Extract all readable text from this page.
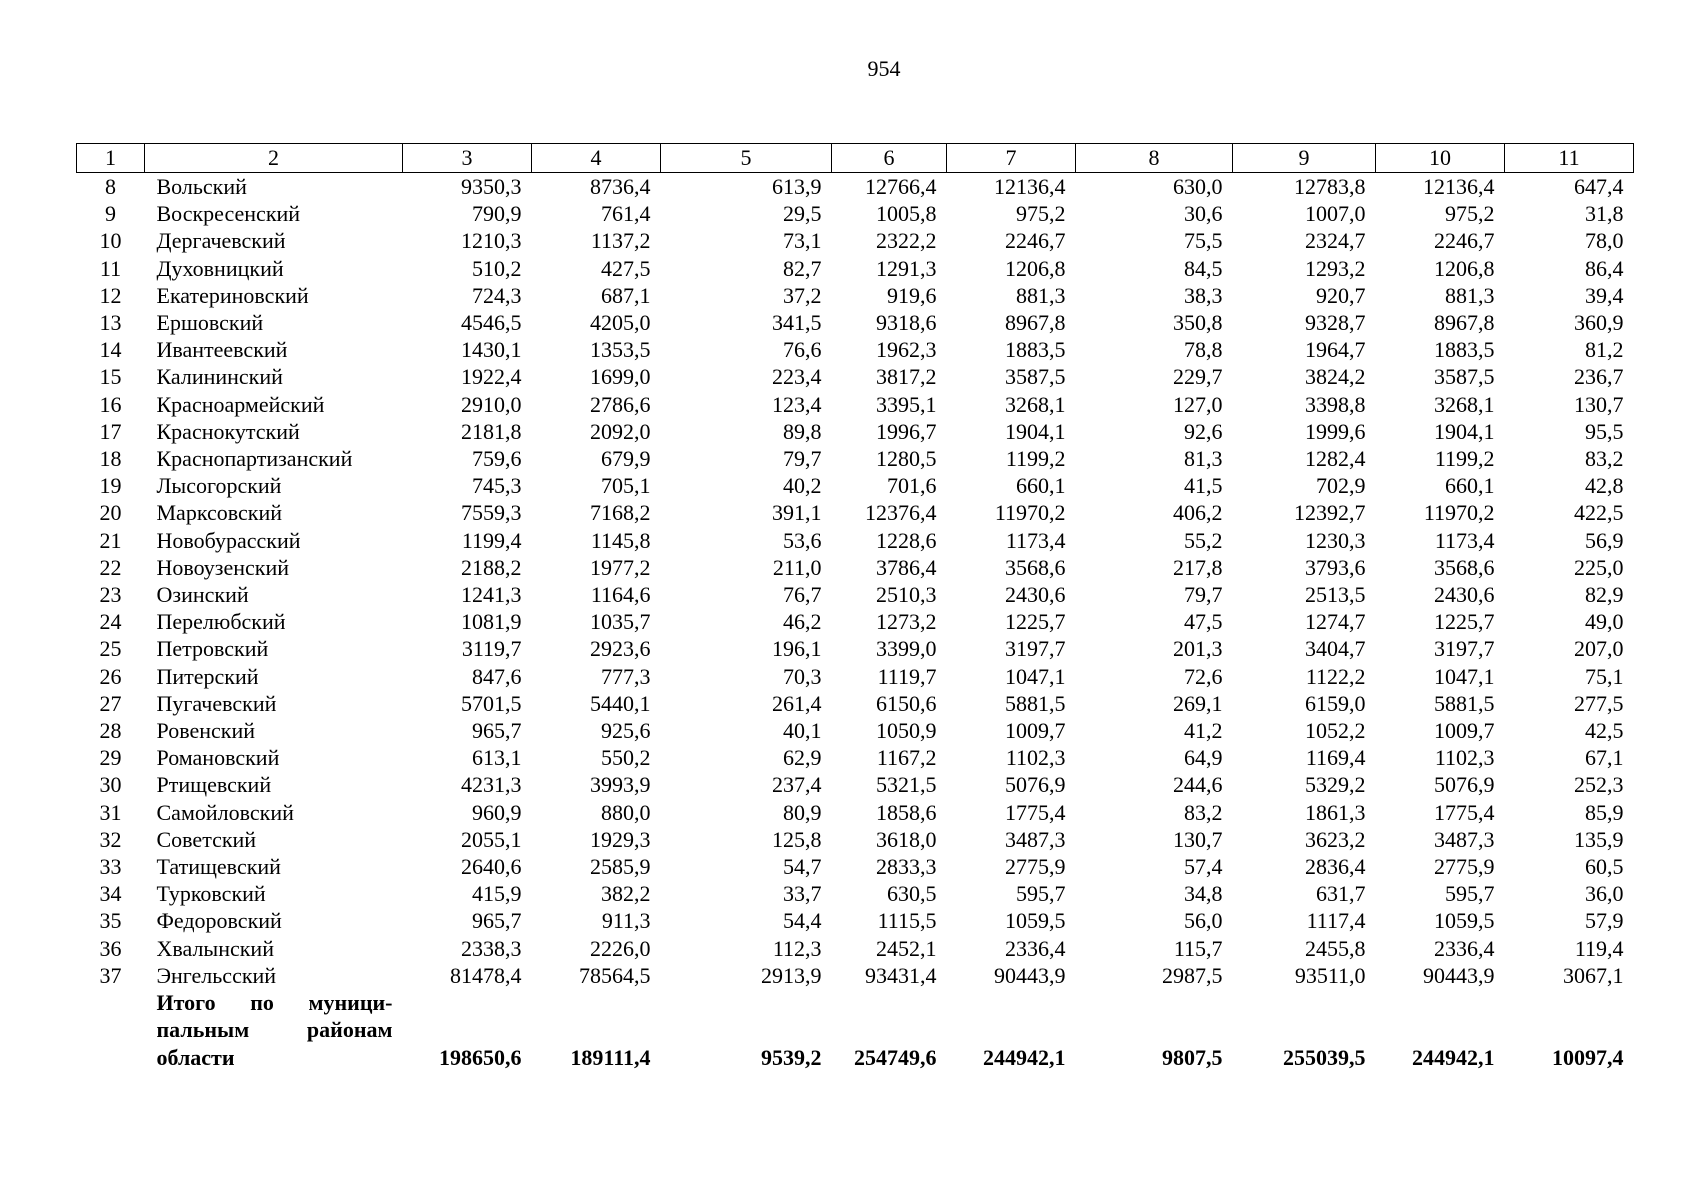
954
1	2	3	4	5	6	7	8	9	10	11
8	Вольский	9350,3	8736,4	613,9	12766,4	12136,4	630,0	12783,8	12136,4	647,4
9	Воскресенский	790,9	761,4	29,5	1005,8	975,2	30,6	1007,0	975,2	31,8
10	Дергачевский	1210,3	1137,2	73,1	2322,2	2246,7	75,5	2324,7	2246,7	78,0
11	Духовницкий	510,2	427,5	82,7	1291,3	1206,8	84,5	1293,2	1206,8	86,4
12	Екатериновский	724,3	687,1	37,2	919,6	881,3	38,3	920,7	881,3	39,4
13	Ершовский	4546,5	4205,0	341,5	9318,6	8967,8	350,8	9328,7	8967,8	360,9
14	Ивантеевский	1430,1	1353,5	76,6	1962,3	1883,5	78,8	1964,7	1883,5	81,2
15	Калининский	1922,4	1699,0	223,4	3817,2	3587,5	229,7	3824,2	3587,5	236,7
16	Красноармейский	2910,0	2786,6	123,4	3395,1	3268,1	127,0	3398,8	3268,1	130,7
17	Краснокутский	2181,8	2092,0	89,8	1996,7	1904,1	92,6	1999,6	1904,1	95,5
18	Краснопартизанский	759,6	679,9	79,7	1280,5	1199,2	81,3	1282,4	1199,2	83,2
19	Лысогорский	745,3	705,1	40,2	701,6	660,1	41,5	702,9	660,1	42,8
20	Марксовский	7559,3	7168,2	391,1	12376,4	11970,2	406,2	12392,7	11970,2	422,5
21	Новобурасский	1199,4	1145,8	53,6	1228,6	1173,4	55,2	1230,3	1173,4	56,9
22	Новоузенский	2188,2	1977,2	211,0	3786,4	3568,6	217,8	3793,6	3568,6	225,0
23	Озинский	1241,3	1164,6	76,7	2510,3	2430,6	79,7	2513,5	2430,6	82,9
24	Перелюбский	1081,9	1035,7	46,2	1273,2	1225,7	47,5	1274,7	1225,7	49,0
25	Петровский	3119,7	2923,6	196,1	3399,0	3197,7	201,3	3404,7	3197,7	207,0
26	Питерский	847,6	777,3	70,3	1119,7	1047,1	72,6	1122,2	1047,1	75,1
27	Пугачевский	5701,5	5440,1	261,4	6150,6	5881,5	269,1	6159,0	5881,5	277,5
28	Ровенский	965,7	925,6	40,1	1050,9	1009,7	41,2	1052,2	1009,7	42,5
29	Романовский	613,1	550,2	62,9	1167,2	1102,3	64,9	1169,4	1102,3	67,1
30	Ртищевский	4231,3	3993,9	237,4	5321,5	5076,9	244,6	5329,2	5076,9	252,3
31	Самойловский	960,9	880,0	80,9	1858,6	1775,4	83,2	1861,3	1775,4	85,9
32	Советский	2055,1	1929,3	125,8	3618,0	3487,3	130,7	3623,2	3487,3	135,9
33	Татищевский	2640,6	2585,9	54,7	2833,3	2775,9	57,4	2836,4	2775,9	60,5
34	Турковский	415,9	382,2	33,7	630,5	595,7	34,8	631,7	595,7	36,0
35	Федоровский	965,7	911,3	54,4	1115,5	1059,5	56,0	1117,4	1059,5	57,9
36	Хвалынский	2338,3	2226,0	112,3	2452,1	2336,4	115,7	2455,8	2336,4	119,4
37	Энгельсский	81478,4	78564,5	2913,9	93431,4	90443,9	2987,5	93511,0	90443,9	3067,1
	Итого по муници-пальным районам области	198650,6	189111,4	9539,2	254749,6	244942,1	9807,5	255039,5	244942,1	10097,4
